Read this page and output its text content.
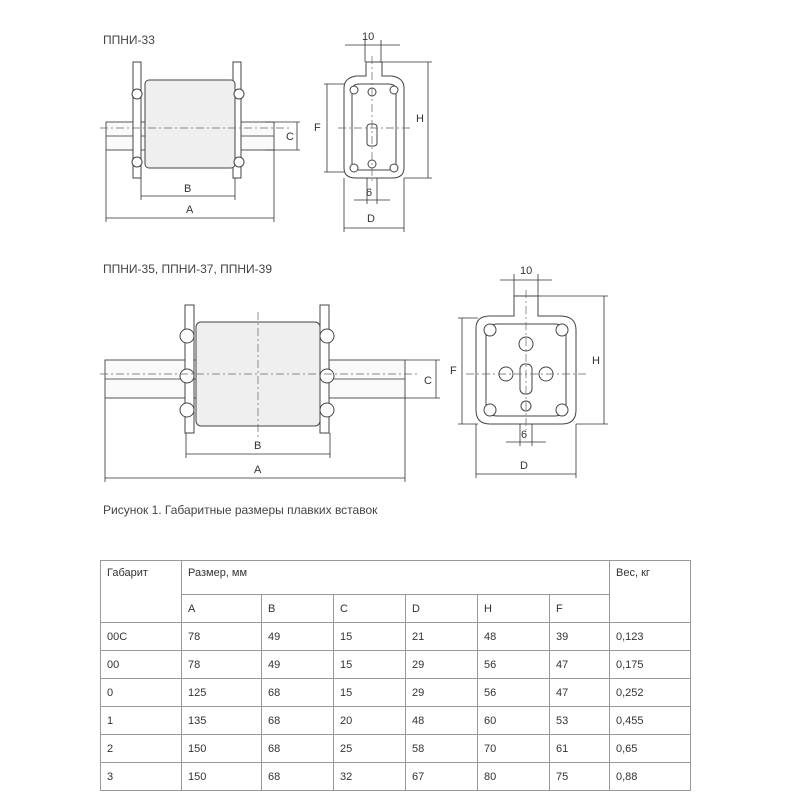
ППНИ-33
ППНИ-35, ППНИ-37, ППНИ-39
C
B
A
10
F
H
6
D
C
B
A
10
F
H
6
D
Рисунок 1. Габаритные размеры плавких вставок
Габарит	Размер, мм						Вес, кг
	A	B	C	D	H	F	
00С	78	49	15	21	48	39	0,123
00	78	49	15	29	56	47	0,175
0	125	68	15	29	56	47	0,252
1	135	68	20	48	60	53	0,455
2	150	68	25	58	70	61	0,65
3	150	68	32	67	80	75	0,88
